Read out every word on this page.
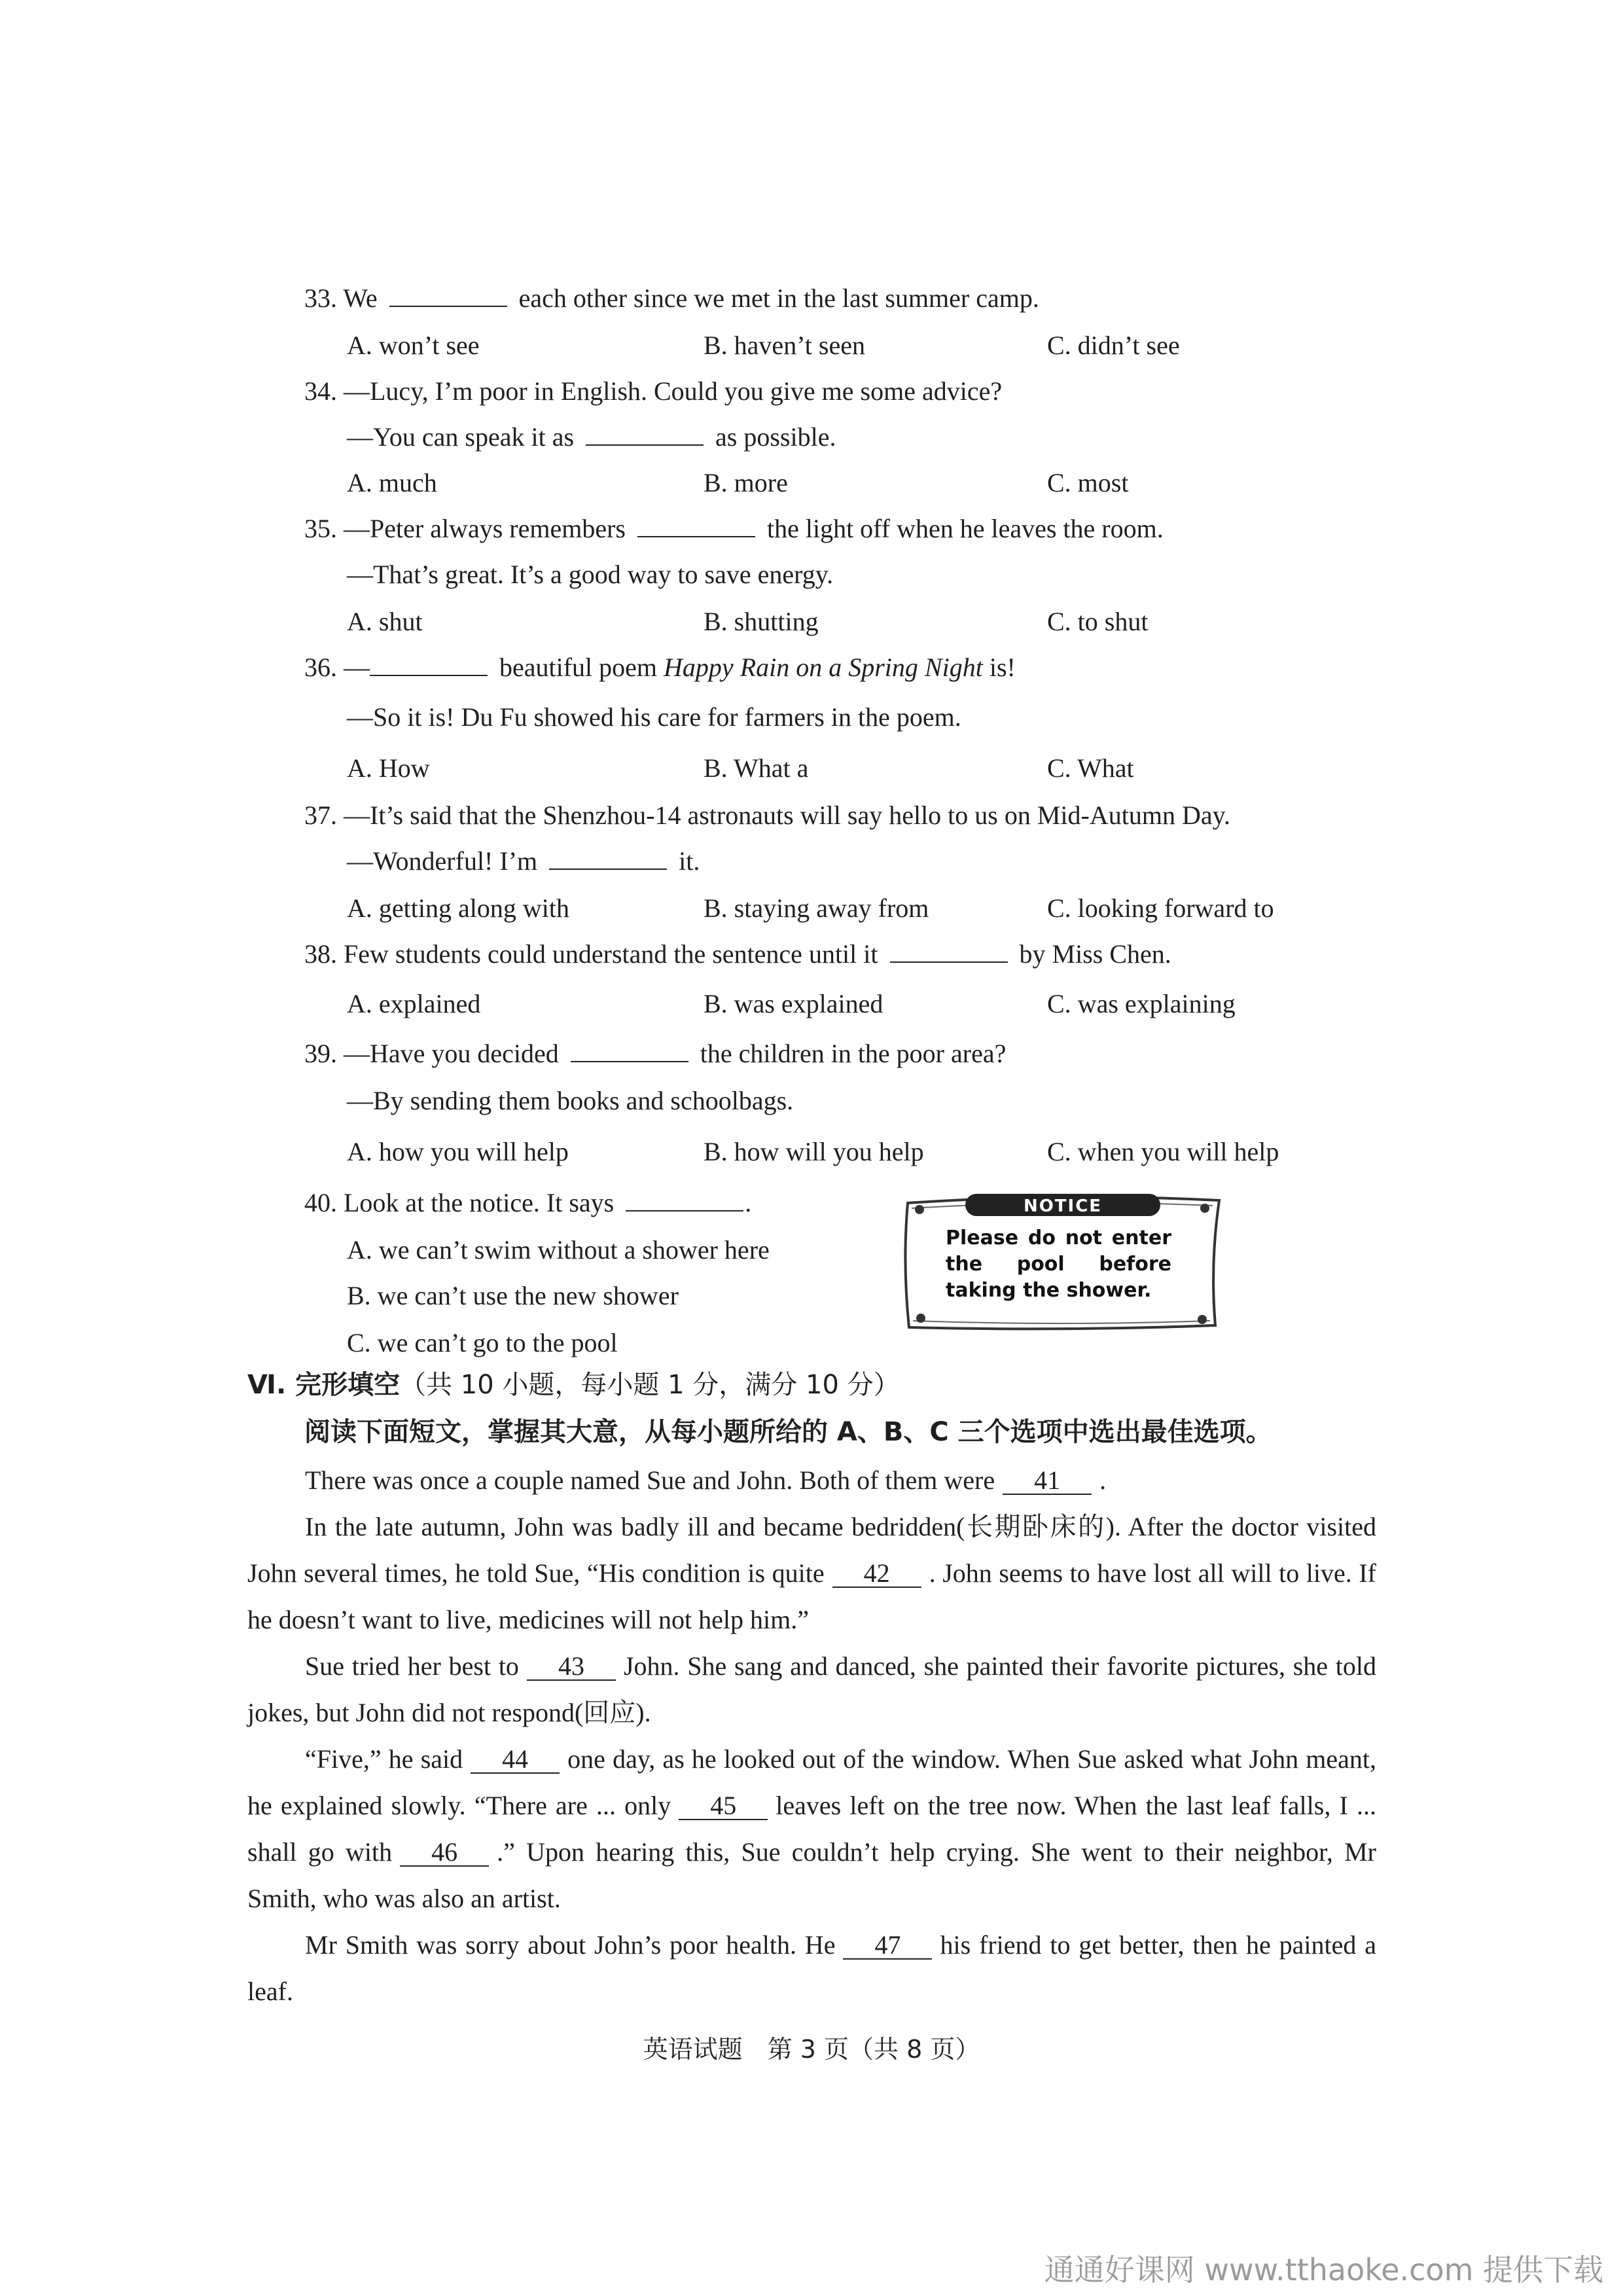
33. We	each other since we met in the last summer camp.
A. won’t see	B. haven’t seen	C. didn’t see
34. —Lucy, I’m poor in English. Could you give me some advice?
—You can speak it as	as possible.
A. much	B. more	C. most
35. —Peter always remembers	the light off when he leaves the room.
—That’s great. It’s a good way to save energy.
A. shut	B. shutting	C. to shut
36. —	beautiful poem Happy Rain on a Spring Night is!
—So it is! Du Fu showed his care for farmers in the poem.
A. How	B. What a	C. What
37. —It’s said that the Shenzhou-14 astronauts will say hello to us on Mid-Autumn Day.
—Wonderful! I’m	it.
A. getting along with	B. staying away from	C. looking forward to
38. Few students could understand the sentence until it	by Miss Chen.
A. explained	B. was explained	C. was explaining
39. —Have you decided	the children in the poor area?
—By sending them books and schoolbags.
A. how you will help	B. how will you help	C. when you will help
40. Look at the notice. It says	.
A. we can’t swim without a shower here
B. we can’t use the new shower
C. we can’t go to the pool
NOTICE
Please do not enter the pool before taking the shower.
Ⅵ. 完形填空（共 10 小题，每小题 1 分，满分 10 分）
阅读下面短文，掌握其大意，从每小题所给的 A、B、C 三个选项中选出最佳选项。
There was once a couple named Sue and John. Both of them were 41 .
In the late autumn, John was badly ill and became bedridden(长期卧床的). After the doctor visited John several times, he told Sue, “His condition is quite 42 . John seems to have lost all will to live. If he doesn’t want to live, medicines will not help him.”
Sue tried her best to 43 John. She sang and danced, she painted their favorite pictures, she told jokes, but John did not respond(回应).
“Five,” he said 44 one day, as he looked out of the window. When Sue asked what John meant, he explained slowly. “There are ... only 45 leaves left on the tree now. When the last leaf falls, I ... shall go with 46 .” Upon hearing this, Sue couldn’t help crying. She went to their neighbor, Mr Smith, who was also an artist.
Mr Smith was sorry about John’s poor health. He 47 his friend to get better, then he painted a leaf.
英语试题　第 3 页（共 8 页）
通通好课网 www.tthaoke.com 提供下载
